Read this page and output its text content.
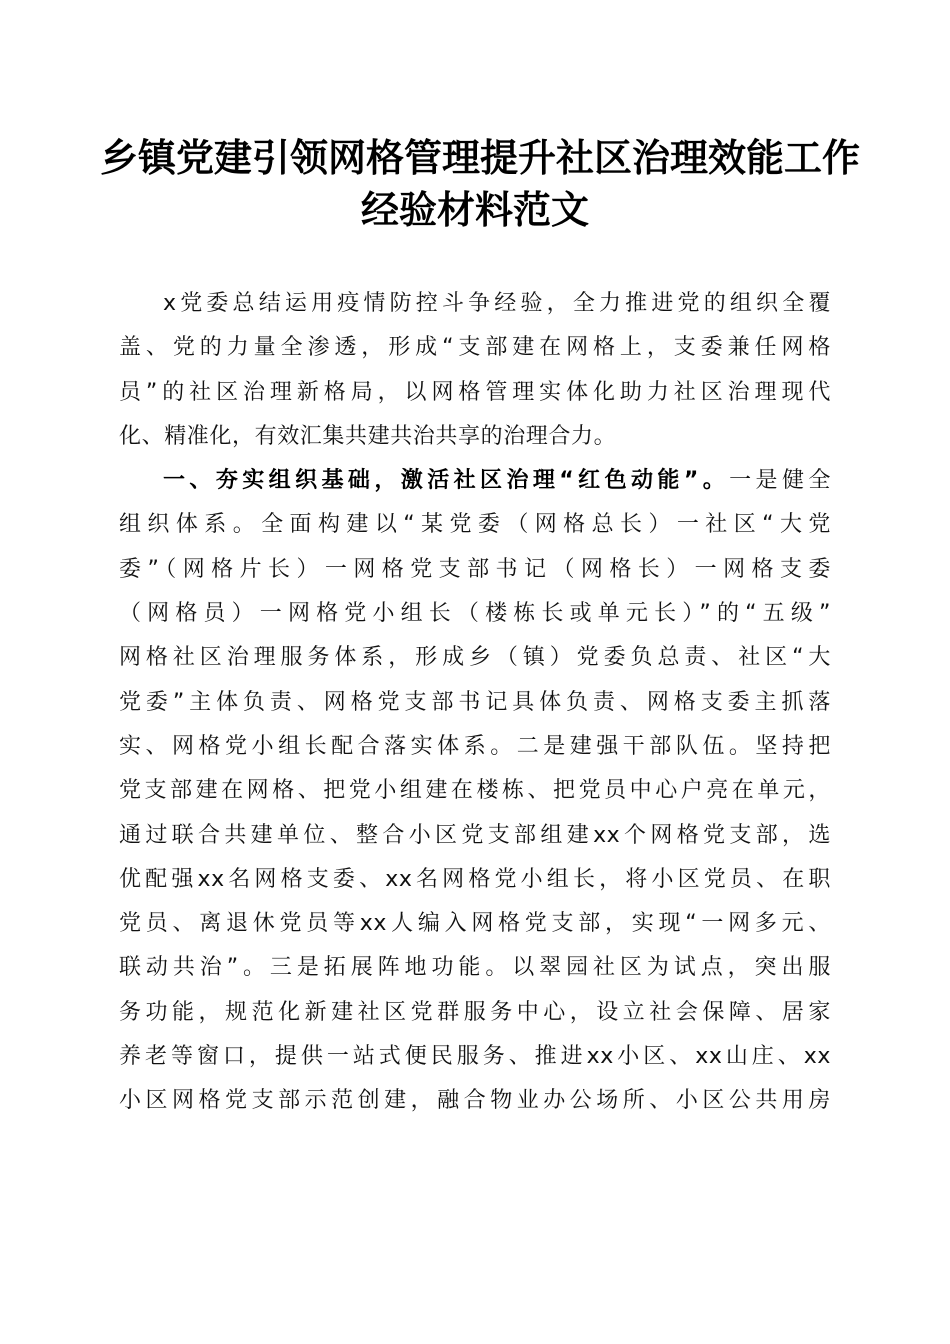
乡镇党建引领网格管理提升社区治理效能工作
经验材料范文
x党委总结运用疫情防控斗争经验，全力推进党的组织全覆
盖、党的力量全渗透，形成“支部建在网格上，支委兼任网格
员”的社区治理新格局，以网格管理实体化助力社区治理现代
化、精准化，有效汇集共建共治共享的治理合力。
一、夯实组织基础，激活社区治理“红色动能”。一是健全
组织体系。全面构建以“某党委（网格总长）一社区“大党
委”（网格片长）一网格党支部书记（网格长）一网格支委
（网格员）一网格党小组长（楼栋长或单元长）”的“五级”
网格社区治理服务体系，形成乡（镇）党委负总责、社区“大
党委”主体负责、网格党支部书记具体负责、网格支委主抓落
实、网格党小组长配合落实体系。二是建强干部队伍。坚持把
党支部建在网格、把党小组建在楼栋、把党员中心户亮在单元，
通过联合共建单位、整合小区党支部组建xx个网格党支部，选
优配强xx名网格支委、xx名网格党小组长，将小区党员、在职
党员、离退休党员等xx人编入网格党支部，实现“一网多元、
联动共治”。三是拓展阵地功能。以翠园社区为试点，突出服
务功能，规范化新建社区党群服务中心，设立社会保障、居家
养老等窗口，提供一站式便民服务、推进xx小区、xx山庄、xx
小区网格党支部示范创建，融合物业办公场所、小区公共用房
